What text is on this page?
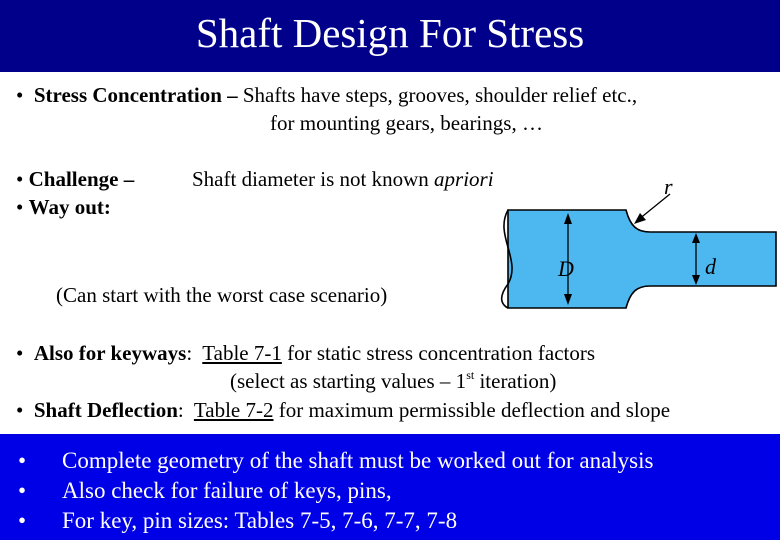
Shaft Design For Stress
• Stress Concentration – Shafts have steps, grooves, shoulder relief etc.,
for mounting gears, bearings, …
• Challenge –	Shaft diameter is not known apriori
• Way out:
(Can start with the worst case scenario)
D	d
r
• Also for keyways: Table 7-1 for static stress concentration factors
(select as starting values – 1st iteration)
• Shaft Deflection: Table 7-2 for maximum permissible deflection and slope
• Complete geometry of the shaft must be worked out for analysis
• Also check for failure of keys, pins,
• For key, pin sizes: Tables 7-5, 7-6, 7-7, 7-8
